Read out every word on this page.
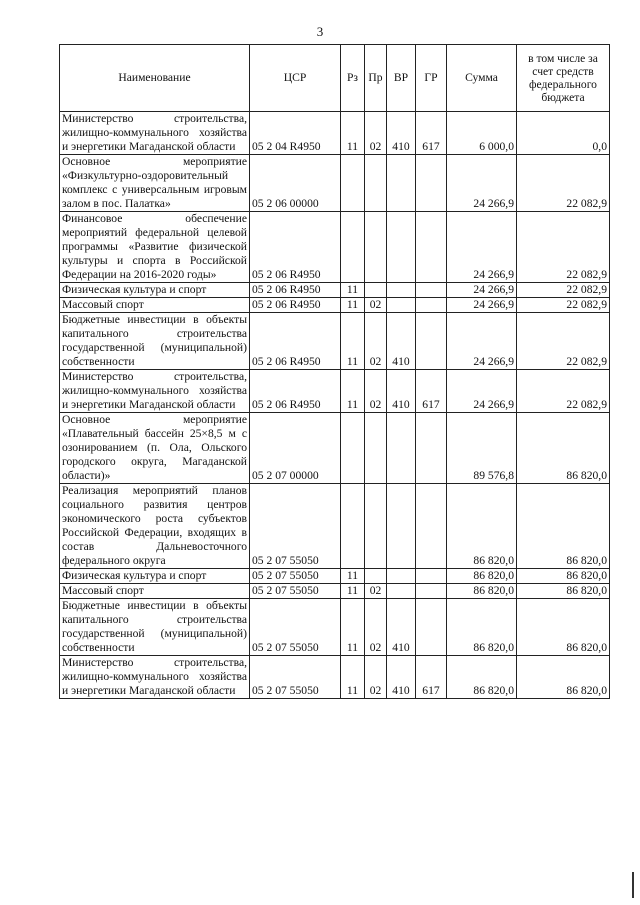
3
Наименование	ЦСР	Рз	Пр	ВР	ГР	Сумма	в том числе за счет средств федерального бюджета
Министерство строительства, жилищно-коммунального хозяйства и энергетики Магаданской области	05 2 04 R4950	11	02	410	617	6 000,0	0,0
Основное мероприятие «Физкультурно-оздоровительный комплекс с универсальным игровым залом в пос. Палатка»	05 2 06 00000					24 266,9	22 082,9
Финансовое обеспечение мероприятий федеральной целевой программы «Развитие физической культуры и спорта в Российской Федерации на 2016-2020 годы»	05 2 06 R4950					24 266,9	22 082,9
Физическая культура и спорт	05 2 06 R4950	11				24 266,9	22 082,9
Массовый спорт	05 2 06 R4950	11	02			24 266,9	22 082,9
Бюджетные инвестиции в объекты капитального строительства государственной (муниципальной) собственности	05 2 06 R4950	11	02	410		24 266,9	22 082,9
Министерство строительства, жилищно-коммунального хозяйства и энергетики Магаданской области	05 2 06 R4950	11	02	410	617	24 266,9	22 082,9
Основное мероприятие «Плавательный бассейн 25×8,5 м с озонированием (п. Ола, Ольского городского округа, Магаданской области)»	05 2 07 00000					89 576,8	86 820,0
Реализация мероприятий планов социального развития центров экономического роста субъектов Российской Федерации, входящих в состав Дальневосточного федерального округа	05 2 07 55050					86 820,0	86 820,0
Физическая культура и спорт	05 2 07 55050	11				86 820,0	86 820,0
Массовый спорт	05 2 07 55050	11	02			86 820,0	86 820,0
Бюджетные инвестиции в объекты капитального строительства государственной (муниципальной) собственности	05 2 07 55050	11	02	410		86 820,0	86 820,0
Министерство строительства, жилищно-коммунального хозяйства и энергетики Магаданской области	05 2 07 55050	11	02	410	617	86 820,0	86 820,0
